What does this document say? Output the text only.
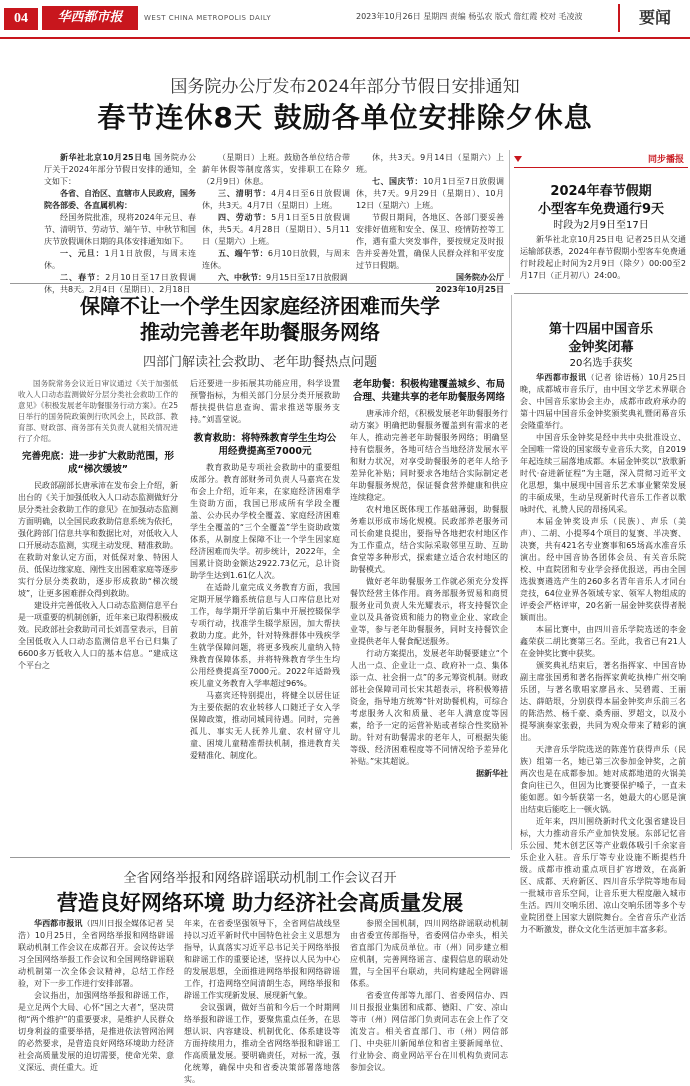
04	华西都市报	WEST CHINA METROPOLIS DAILY	2023年10月26日 星期四 责编 杨弘农 版式 詹红霞 校对 毛凌波	要闻
国务院办公厅发布2024年部分节假日安排通知
春节连休8天 鼓励各单位安排除夕休息

新华社北京10月25日电 国务院办公厅关于2024年部分节假日安排的通知，全文如下：

各省、自治区、直辖市人民政府，国务院各部委、各直属机构：

经国务院批准，现将2024年元旦、春节、清明节、劳动节、端午节、中秋节和国庆节放假调休日期的具体安排通知如下。

一、元旦：1月1日放假，与周末连休。

二、春节：2月10日至17日放假调休，共8天。2月4日（星期日）、2月18日

（星期日）上班。鼓励各单位结合带薪年休假等制度落实，安排职工在除夕（2月9日）休息。

三、清明节：4月4日至6日放假调休，共3天。4月7日（星期日）上班。

四、劳动节：5月1日至5日放假调休，共5天。4月28日（星期日）、5月11日（星期六）上班。

五、端午节：6月10日放假，与周末连休。

六、中秋节：9月15日至17日放假调

休，共3天。9月14日（星期六）上班。

七、国庆节：10月1日至7日放假调休，共7天。9月29日（星期日）、10月12日（星期六）上班。

节假日期间，各地区、各部门要妥善安排好值班和安全、保卫、疫情防控等工作，遇有重大突发事件，要按规定及时报告并妥善处置，确保人民群众祥和平安度过节日假期。

国务院办公厅
2023年10月25日
同步播报
2024年春节假期
小型客车免费通行9天
时段为2月9日至17日

新华社北京10月25日电 记者25日从交通运输部获悉，2024年春节假期小型客车免费通行时段起止时间为2月9日（除夕）00:00至2月17日（正月初八）24:00。

保障不让一个学生因家庭经济困难而失学
推动完善老年助餐服务网络
四部门解读社会救助、老年助餐热点问题

国务院常务会议近日审议通过《关于加强低收入人口动态监测做好分层分类社会救助工作的意见》《积极发展老年助餐服务行动方案》。在25日举行的国务院政策例行吹风会上，民政部、教育部、财政部、商务部有关负责人就相关情况进行了介绍。

完善兜底：进一步扩大救助范围，形成“梯次缓坡”

民政部副部长唐承沛在发布会上介绍，新出台的《关于加强低收入人口动态监测做好分层分类社会救助工作的意见》在加强动态监测方面明确，以全国民政救助信息系统为依托，强化跨部门信息共享和数据比对，对低收入人口开展动态监测，实现主动发现、精准救助。在救助对象认定方面，对低保对象、特困人员、低保边缘家庭、刚性支出困难家庭等逐步实行分层分类救助，逐步形成救助“梯次缓坡”，让更多困难群众得到救助。

建设并完善低收入人口动态监测信息平台是一项重要的机制创新，近年来已取得积极成效。民政部社会救助司司长刘喜堂表示，目前全国低收入人口动态监测信息平台已归集了6600多万低收入人口的基本信息。“建成这个平台之

后还要进一步拓展其功能应用，科学设置预警指标，为相关部门分层分类开展救助帮扶提供信息查询、需求推送等服务支持。”刘喜堂说。

教育救助：将特殊教育学生生均公用经费提高至7000元

教育救助是专项社会救助中的重要组成部分。教育部财务司负责人马嘉宾在发布会上介绍，近年来，在家庭经济困难学生资助方面，我国已形成所有学段全覆盖、公办民办学校全覆盖、家庭经济困难学生全覆盖的“三个全覆盖”学生资助政策体系，从制度上保障不让一个学生因家庭经济困难而失学。初步统计，2022年，全国累计资助金额达2922.73亿元，总计资助学生达到1.61亿人次。

在适龄儿童完成义务教育方面，我国定期开展学籍系统信息与人口库信息比对工作，每学期开学前后集中开展控辍保学专项行动，找准学生辍学原因，加大帮扶救助力度。此外，针对特殊群体中残疾学生就学保障问题，将更多残疾儿童纳入特殊教育保障体系，并将特殊教育学生生均公用经费提高至7000元。2022年适龄残疾儿童义务教育入学率超过96%。

马嘉宾还特别提出，将健全以居住证为主要依据的农业转移人口随迁子女入学保障政策，推动同城同待遇。同时，完善孤儿、事实无人抚养儿童、农村留守儿童、困境儿童精准帮扶机制，推进教育关爱精准化、制度化。

老年助餐：积极构建覆盖城乡、布局合理、共建共享的老年助餐服务网络

唐承沛介绍，《积极发展老年助餐服务行动方案》明确把助餐服务覆盖到有需求的老年人，推动完善老年助餐服务网络；明确坚持有偿服务，各地可结合当地经济发展水平和财力状况，对享受助餐服务的老年人给予差异化补贴；同时要求各地结合实际制定老年助餐服务规范，保证餐食营养健康和供应连续稳定。

农村地区既体现工作基础薄弱，助餐服务难以形成市场化规模。民政部养老服务司司长俞建良提出，要指导各地把农村地区作为工作重点，结合实际采取邻里互助、互助食堂等多种形式，探索建立适合农村地区的助餐模式。

做好老年助餐服务工作就必须充分发挥餐饮经营主体作用。商务部服务贸易和商贸服务业司负责人朱光耀表示，将支持餐饮企业以及具备资质和能力的物业企业、家政企业等，参与老年助餐服务，同时支持餐饮企业提供老年人餐食配送服务。

行动方案提出，发展老年助餐要建立“个人出一点、企业让一点、政府补一点、集体添一点、社会捐一点”的多元筹资机制。财政部社会保障司司长宋其超表示，将积极筹措资金，指导地方统筹“针对助餐机构，可综合考虑服务人次和质量、老年人满意度等因素，给予一定的运营补贴或者综合性奖励补助。针对有助餐需求的老年人，可根据失能等级、经济困难程度等不同情况给予差异化补贴。”宋其超说。

据新华社
第十四届中国音乐
金钟奖闭幕
20名选手获奖

华西都市报讯（记者 徐语杨）10月25日晚，成都城市音乐厅，由中国文学艺术界联合会、中国音乐家协会主办，成都市政府承办的第十四届中国音乐金钟奖颁奖典礼暨闭幕音乐会隆重举行。

中国音乐金钟奖是经中共中央批准设立、全国唯一常设的国家级专业音乐大奖，自2019年起连续三届落地成都。本届金钟奖以“放歌新时代·奋进新征程”为主题，深入贯彻习近平文化思想，集中展现中国音乐艺术事业繁荣发展的丰硕成果，生动呈现新时代音乐工作者以歌咏时代、礼赞人民的昂扬风采。

本届金钟奖设声乐（民族）、声乐（美声）、二胡、小提琴4个项目的复赛、半决赛、决赛，共有421名专业赛事和65场高水准音乐演出。经中国音协各团体会员、有关音乐院校、中直院团和专业学会择优报送，再由全国选拔赛遴选产生的260多名青年音乐人才同台竞技，64位业界各领域专家、领军人物组成的评委会严格评审，20名新一届金钟奖获得者脱颖而出。

本届比赛中，由四川音乐学院选送的李金鑫荣获二胡比赛第三名。至此，我省已有21人在金钟奖比赛中获奖。

颁奖典礼结束后，著名指挥家、中国音协副主席张国勇和著名指挥家黄屹执棒广州交响乐团，与著名歌唱家廖昌永、吴碧霞、王丽达、薛皓垠，分别获得本届金钟奖声乐前三名的陈浩然、杨千豪、桑秀丽、罗超文，以及小提琴演奏家张毅，共同为观众带来了精彩的演出。

天津音乐学院选送的陈莲竹获得声乐（民族）组第一名，她已第三次参加金钟奖，之前两次也是在成都参加。她对成都地道的火锅美食向往已久，但因为比赛要保护嗓子，一直未能如愿。如今斩获第一名，她最大的心愿是演出结束后能吃上一顿火锅。

近年来，四川围绕新时代文化强省建设目标，大力推动音乐产业加快发展。东部记忆音乐公园、梵木创艺区等产业载体吸引千余家音乐企业入驻。音乐厅等专业设施不断提档升级。成都市推动重点项目扩容增效，在高新区、成都、天府新区、四川音乐学院等地布局一批城市音乐空间，让音乐更大程度融入城市生活。四川交响乐团、凉山交响乐团等多个专业院团登上国家大剧院舞台。全省音乐产业活力不断激发，群众文化生活更加丰富多彩。

全省网络举报和网络辟谣联动机制工作会议召开
营造良好网络环境 助力经济社会高质量发展

华西都市报讯（四川日报全媒体记者 吴浩）10月25日，全省网络举报和网络辟谣联动机制工作会议在成都召开。会议传达学习全国网络举报工作会议和全国网络辟谣联动机制第一次全体会议精神，总结工作经验，对下一步工作进行安排部署。

会议指出，加强网络举报和辟谣工作，是立足两个大局、心怀“国之大者”，坚决贯彻“两个维护”的重要要求，是维护人民群众切身利益的重要举措，是推进依法管网治网的必然要求，是营造良好网络环境助力经济社会高质量发展的迫切需要，使命光荣、意义深远、责任重大。近

年来，在省委坚强领导下，全省网信战线坚持以习近平新时代中国特色社会主义思想为指导，认真落实习近平总书记关于网络举报和辟谣工作的重要论述，坚持以人民为中心的发展思想，全面推进网络举报和网络辟谣工作，打造网络空间清朗生态，网络举报和辟谣工作实现新发展、展现新气象。

会议强调，做好当前和今后一个时期网络举报和辟谣工作，要聚焦重点任务，在思想认识、内容建设、机制优化、体系建设等方面持续用力，推动全省网络举报和辟谣工作高质量发展。要明确责任，对标一流，强化统筹，确保中央和省委决策部署落地落实。

参照全国机制，四川网络辟谣联动机制由省委宣传部指导，省委网信办牵头，相关省直部门为成员单位。市（州）同步建立相应机制，完善网络谣言、虚假信息的联动处置，与全国平台联动，共同构建起全网辟谣体系。

省委宣传部等九部门、省委网信办、四川日报报业集团和成都、德阳、广安、凉山等市（州）网信部门负责同志在会上作了交流发言。相关省直部门、市（州）网信部门、中央驻川新闻单位和省主要新闻单位、行业协会、商业网站平台在川机构负责同志参加会议。
